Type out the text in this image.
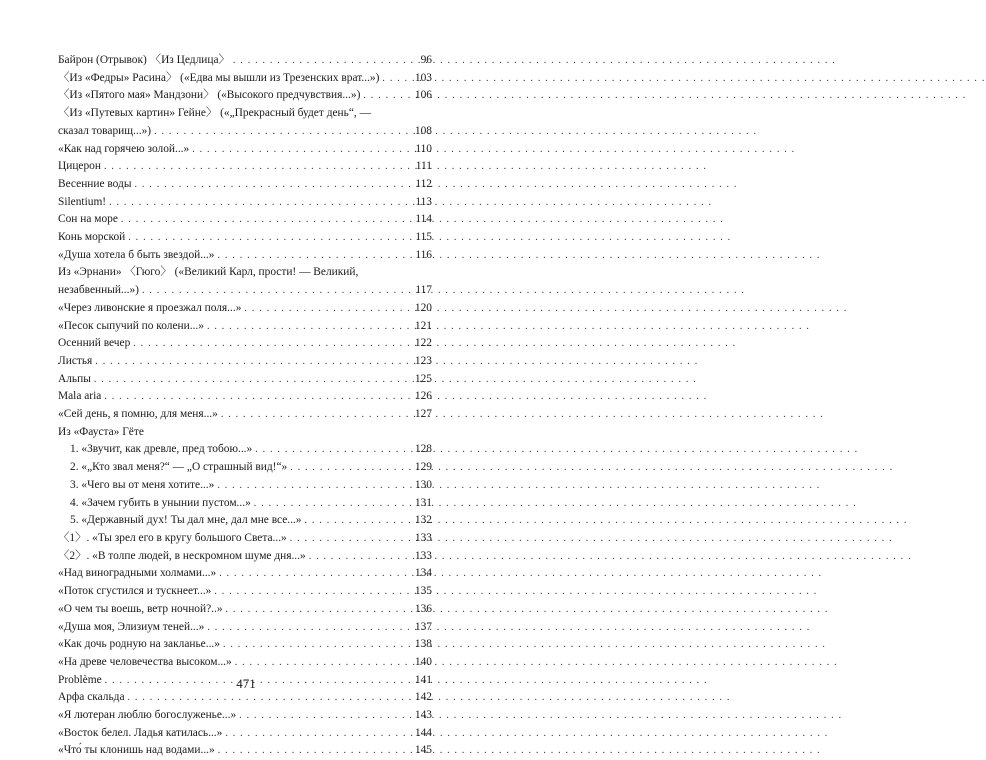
Байрон (Отрывок) 〈Из Цедлица〉 . . .	96
〈Из «Федры» Расина〉 («Едва мы вышли из Трезенских врат...») . . .	103
〈Из «Пятого мая» Мандзони〉 («Высокого предчувствия...») . . .	106
〈Из «Путевых картин» Гейне〉 («„Прекрасный будет день“, —
сказал товарищ...») . . .	108
«Как над горячею золой...» . . .	110
Цицерон . . .	111
Весенние воды . . .	112
Silentium! . . .	113
Сон на море . . .	114
Конь морской . . .	115
«Душа хотела б быть звездой...» . . .	116
Из «Эрнани» 〈Гюго〉 («Великий Карл, прости! — Великий,
незабвенный...») . . .	117
«Через ливонские я проезжал поля...» . . .	120
«Песок сыпучий по колени...» . . .	121
Осенний вечер . . .	122
Листья . . .	123
Альпы . . .	125
Mala aria . . .	126
«Сей день, я помню, для меня...» . . .	127
Из «Фауста» Гёте
1. «Звучит, как древле, пред тобою...» . . .	128
2. «„Кто звал меня?“ — „О страшный вид!“» . . .	129
3. «Чего вы от меня хотите...» . . .	130
4. «Зачем губить в унынии пустом...» . . .	131
5. «Державный дух! Ты дал мне, дал мне все...» . . .	132
〈1〉. «Ты зрел его в кругу большого Света...» . . .	133
〈2〉. «В толпе людей, в нескромном шуме дня...» . . .	133
«Над виноградными холмами...» . . .	134
«Поток сгустился и тускнеет...» . . .	135
«О чем ты воешь, ветр ночной?..» . . .	136
«Душа моя, Элизиум теней...» . . .	137
«Как дочь родную на закланье...» . . .	138
«На древе человечества высоком...» . . .	140
Problème . . .	141
Арфа скальда . . .	142
«Я лютеран люблю богослуженье...» . . .	143
«Восток белел. Ладья катилась...» . . .	144
«Что́ ты клонишь над водами...» . . .	145
471
